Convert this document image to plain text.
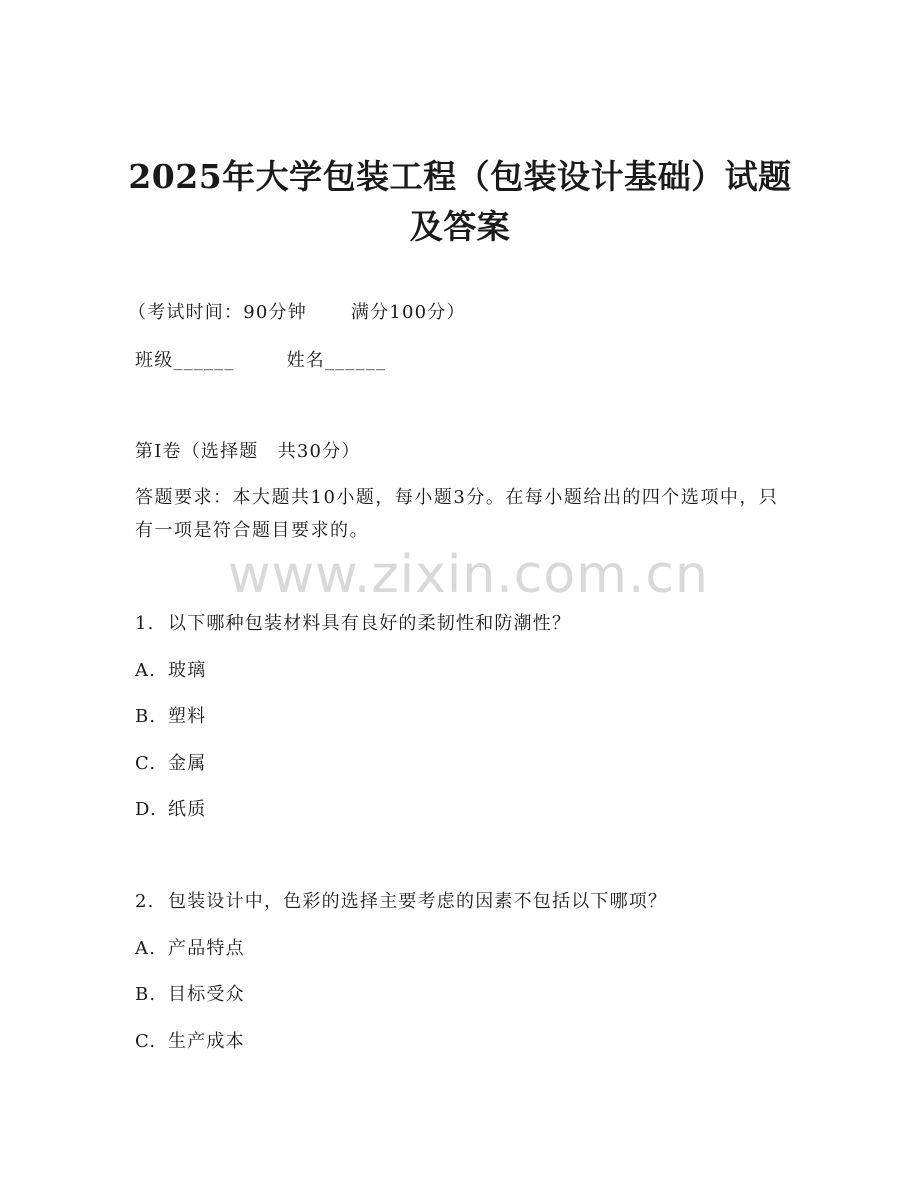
2025年大学包装工程（包装设计基础）试题
及答案
（考试时间：90分钟 满分100分）
班级______	姓名______
第Ⅰ卷（选择题　共30分）
答题要求：本大题共10小题，每小题3分。在每小题给出的四个选项中，只有一项是符合题目要求的。
www.zixin.com.cn
1. 以下哪种包装材料具有良好的柔韧性和防潮性？
A. 玻璃
B. 塑料
C. 金属
D. 纸质
2. 包装设计中，色彩的选择主要考虑的因素不包括以下哪项？
A. 产品特点
B. 目标受众
C. 生产成本
